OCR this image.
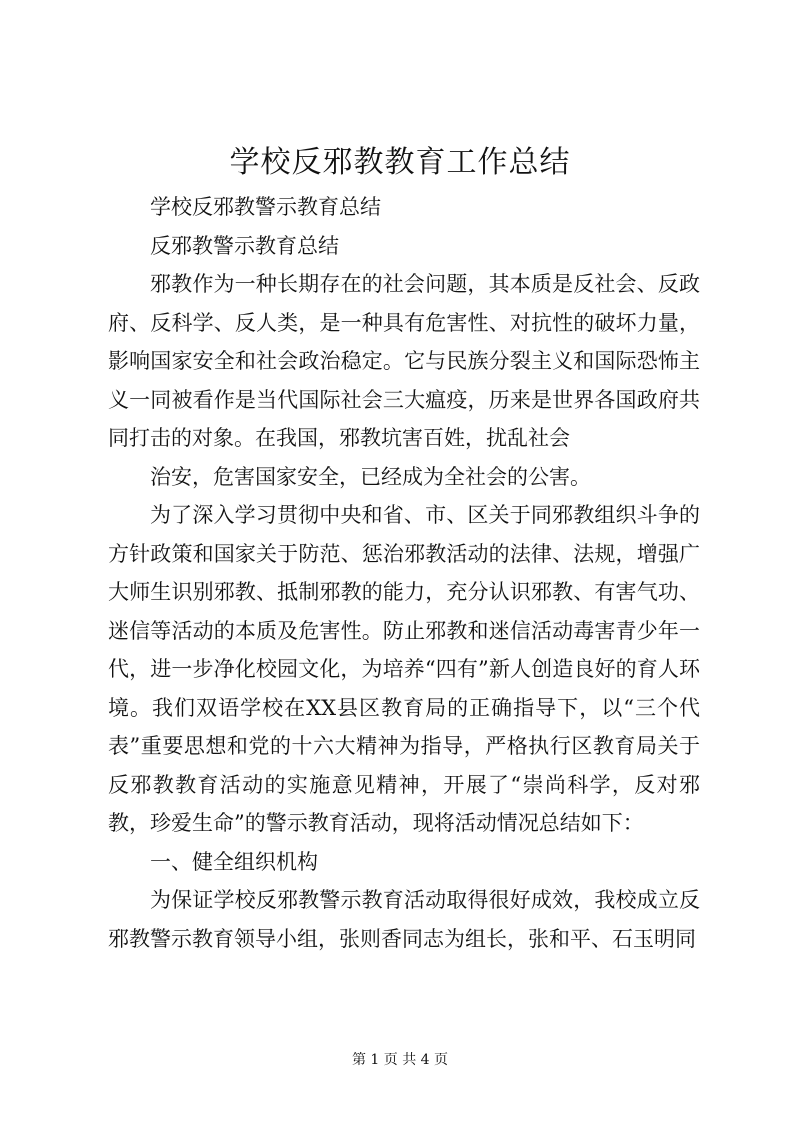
学校反邪教教育工作总结

学校反邪教警示教育总结

反邪教警示教育总结

邪教作为一种长期存在的社会问题，其本质是反社会、反政府、反科学、反人类，是一种具有危害性、对抗性的破坏力量，影响国家安全和社会政治稳定。它与民族分裂主义和国际恐怖主义一同被看作是当代国际社会三大瘟疫，历来是世界各国政府共同打击的对象。在我国，邪教坑害百姓，扰乱社会

治安，危害国家安全，已经成为全社会的公害。

为了深入学习贯彻中央和省、市、区关于同邪教组织斗争的方针政策和国家关于防范、惩治邪教活动的法律、法规，增强广大师生识别邪教、抵制邪教的能力，充分认识邪教、有害气功、迷信等活动的本质及危害性。防止邪教和迷信活动毒害青少年一代，进一步净化校园文化，为培养“四有”新人创造良好的育人环境。我们双语学校在XX县区教育局的正确指导下，以“三个代表”重要思想和党的十六大精神为指导，严格执行区教育局关于反邪教教育活动的实施意见精神，开展了“崇尚科学，反对邪教，珍爱生命”的警示教育活动，现将活动情况总结如下：

一、健全组织机构

为保证学校反邪教警示教育活动取得很好成效，我校成立反邪教警示教育领导小组，张则香同志为组长，张和平、石玉明同

第 1 页 共 4 页
